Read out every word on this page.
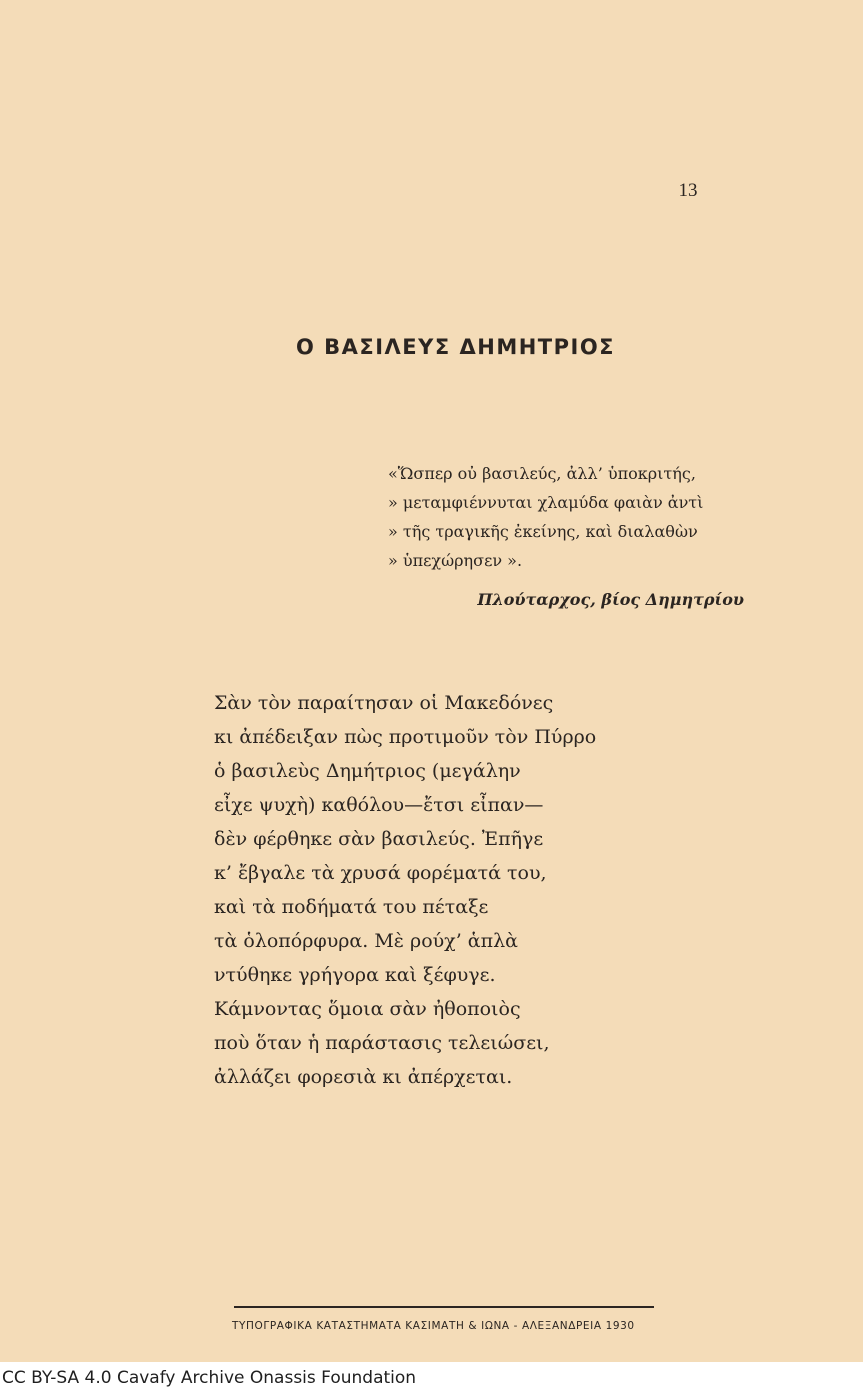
13
Ο ΒΑΣΙΛΕΥΣ ΔΗΜΗΤΡΙΟΣ
«Ὥσπερ οὐ βασιλεύς, ἀλλ’ ὑποκριτής,
» μεταμφιέννυται χλαμύδα φαιὰν ἀντὶ
» τῆς τραγικῆς ἐκείνης, καὶ διαλαθὼν
» ὑπεχώρησεν ».
Πλούταρχος, βίος Δημητρίου
Σὰν τὸν παραίτησαν οἱ Μακεδόνες
κι ἀπέδειξαν πὼς προτιμοῦν τὸν Πύρρο
ὁ βασιλεὺς Δημήτριος (μεγάλην
εἶχε ψυχὴ) καθόλου—ἔτσι εἶπαν—
δὲν φέρθηκε σὰν βασιλεύς. Ἐπῆγε
κ’ ἔβγαλε τὰ χρυσά φορέματά του,
καὶ τὰ ποδήματά του πέταξε
τὰ ὁλοπόρφυρα. Μὲ ρούχ’ ἁπλὰ
ντύθηκε γρήγορα καὶ ξέφυγε.
Κάμνοντας ὅμοια σὰν ἠθοποιὸς
ποὺ ὅταν ἡ παράστασις τελειώσει,
ἀλλάζει φορεσιὰ κι ἀπέρχεται.
ΤΥΠΟΓΡΑΦΙΚΑ ΚΑΤΑΣΤΗΜΑΤΑ ΚΑΣΙΜΑΤΗ & ΙΩΝΑ - ΑΛΕΞΑΝΔΡΕΙΑ 1930
CC BY-SA 4.0 Cavafy Archive Onassis Foundation
